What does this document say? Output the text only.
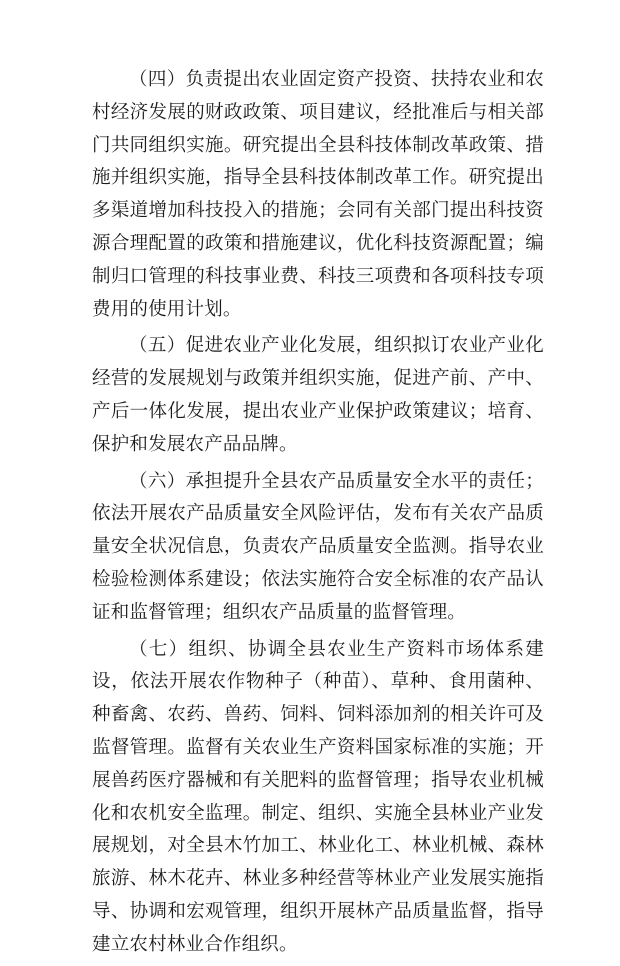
（四）负责提出农业固定资产投资、扶持农业和农村经济发展的财政政策、项目建议，经批准后与相关部门共同组织实施。研究提出全县科技体制改革政策、措施并组织实施，指导全县科技体制改革工作。研究提出多渠道增加科技投入的措施；会同有关部门提出科技资源合理配置的政策和措施建议，优化科技资源配置；编制归口管理的科技事业费、科技三项费和各项科技专项费用的使用计划。

（五）促进农业产业化发展，组织拟订农业产业化经营的发展规划与政策并组织实施，促进产前、产中、产后一体化发展，提出农业产业保护政策建议；培育、保护和发展农产品品牌。

（六）承担提升全县农产品质量安全水平的责任；依法开展农产品质量安全风险评估，发布有关农产品质量安全状况信息，负责农产品质量安全监测。指导农业检验检测体系建设；依法实施符合安全标准的农产品认证和监督管理；组织农产品质量的监督管理。

（七）组织、协调全县农业生产资料市场体系建设，依法开展农作物种子（种苗）、草种、食用菌种、种畜禽、农药、兽药、饲料、饲料添加剂的相关许可及监督管理。监督有关农业生产资料国家标准的实施；开展兽药医疗器械和有关肥料的监督管理；指导农业机械化和农机安全监理。制定、组织、实施全县林业产业发展规划，对全县木竹加工、林业化工、林业机械、森林旅游、林木花卉、林业多种经营等林业产业发展实施指导、协调和宏观管理，组织开展林产品质量监督，指导建立农村林业合作组织。
